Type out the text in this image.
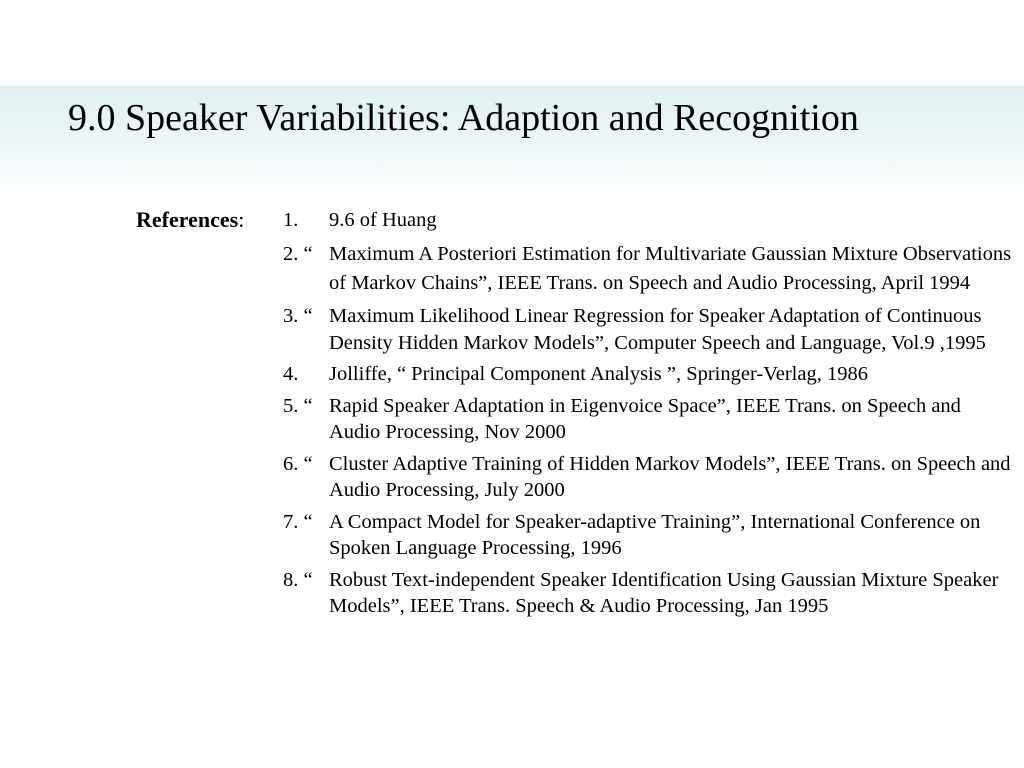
9.0 Speaker Variabilities: Adaption and Recognition
References: 1. 9.6 of Huang
2. “ Maximum A Posteriori Estimation for Multivariate Gaussian Mixture Observations of Markov Chains”, IEEE Trans. on Speech and Audio Processing, April 1994
3. “ Maximum Likelihood Linear Regression for Speaker Adaptation of Continuous Density Hidden Markov Models”, Computer Speech and Language, Vol.9 ,1995
4. Jolliffe, “ Principal Component Analysis ”, Springer-Verlag, 1986
5. “ Rapid Speaker Adaptation in Eigenvoice Space”, IEEE Trans. on Speech and Audio Processing, Nov 2000
6. “ Cluster Adaptive Training of Hidden Markov Models”, IEEE Trans. on Speech and Audio Processing, July 2000
7. “ A Compact Model for Speaker-adaptive Training”, International Conference on Spoken Language Processing, 1996
8. “ Robust Text-independent Speaker Identification Using Gaussian Mixture Speaker Models”, IEEE Trans. Speech & Audio Processing, Jan 1995
